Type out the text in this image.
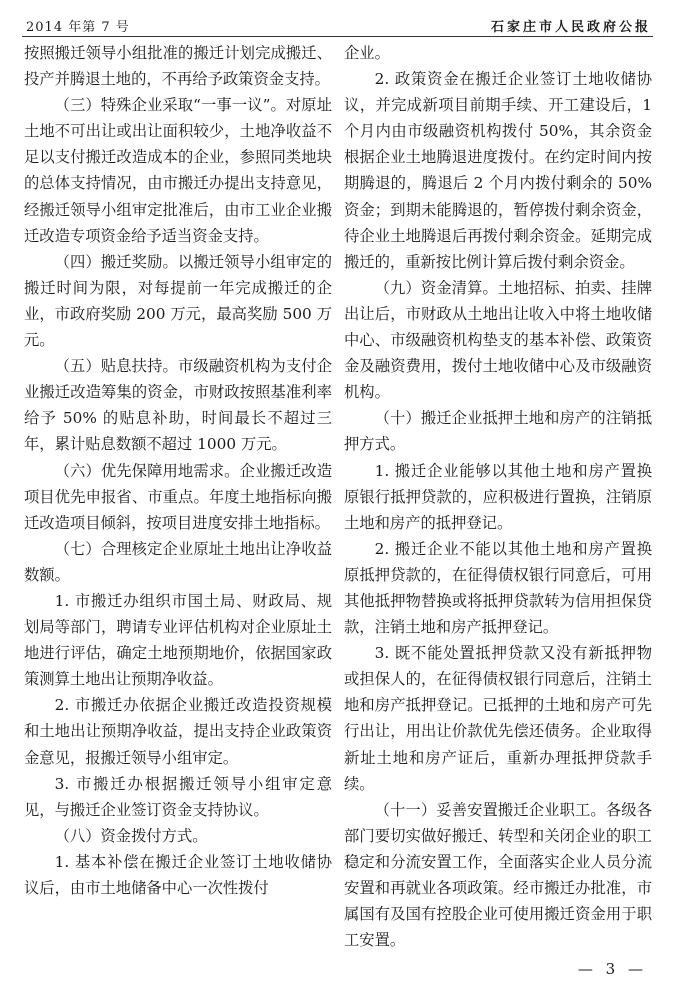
2014 年第 7 号	石家庄市人民政府公报

按照搬迁领导小组批准的搬迁计划完成搬迁、投产并腾退土地的，不再给予政策资金支持。

（三）特殊企业采取“一事一议”。对原址土地不可出让或出让面积较少，土地净收益不足以支付搬迁改造成本的企业，参照同类地块的总体支持情况，由市搬迁办提出支持意见，经搬迁领导小组审定批准后，由市工业企业搬迁改造专项资金给予适当资金支持。

（四）搬迁奖励。以搬迁领导小组审定的搬迁时间为限，对每提前一年完成搬迁的企业，市政府奖励 200 万元，最高奖励 500 万元。

（五）贴息扶持。市级融资机构为支付企业搬迁改造筹集的资金，市财政按照基准利率给予 50% 的贴息补助，时间最长不超过三年，累计贴息数额不超过 1000 万元。

（六）优先保障用地需求。企业搬迁改造项目优先申报省、市重点。年度土地指标向搬迁改造项目倾斜，按项目进度安排土地指标。

（七）合理核定企业原址土地出让净收益数额。

1. 市搬迁办组织市国土局、财政局、规划局等部门，聘请专业评估机构对企业原址土地进行评估，确定土地预期地价，依据国家政策测算土地出让预期净收益。

2. 市搬迁办依据企业搬迁改造投资规模和土地出让预期净收益，提出支持企业政策资金意见，报搬迁领导小组审定。

3. 市搬迁办根据搬迁领导小组审定意见，与搬迁企业签订资金支持协议。

（八）资金拨付方式。

1. 基本补偿在搬迁企业签订土地收储协议后，由市土地储备中心一次性拨付

企业。

2. 政策资金在搬迁企业签订土地收储协议，并完成新项目前期手续、开工建设后，1 个月内由市级融资机构拨付 50%，其余资金根据企业土地腾退进度拨付。在约定时间内按期腾退的，腾退后 2 个月内拨付剩余的 50% 资金；到期未能腾退的，暂停拨付剩余资金，待企业土地腾退后再拨付剩余资金。延期完成搬迁的，重新按比例计算后拨付剩余资金。

（九）资金清算。土地招标、拍卖、挂牌出让后，市财政从土地出让收入中将土地收储中心、市级融资机构垫支的基本补偿、政策资金及融资费用，拨付土地收储中心及市级融资机构。

（十）搬迁企业抵押土地和房产的注销抵押方式。

1. 搬迁企业能够以其他土地和房产置换原银行抵押贷款的，应积极进行置换，注销原土地和房产的抵押登记。

2. 搬迁企业不能以其他土地和房产置换原抵押贷款的，在征得债权银行同意后，可用其他抵押物替换或将抵押贷款转为信用担保贷款，注销土地和房产抵押登记。

3. 既不能处置抵押贷款又没有新抵押物或担保人的，在征得债权银行同意后，注销土地和房产抵押登记。已抵押的土地和房产可先行出让，用出让价款优先偿还债务。企业取得新址土地和房产证后，重新办理抵押贷款手续。

（十一）妥善安置搬迁企业职工。各级各部门要切实做好搬迁、转型和关闭企业的职工稳定和分流安置工作，全面落实企业人员分流安置和再就业各项政策。经市搬迁办批准，市属国有及国有控股企业可使用搬迁资金用于职工安置。

— 3 —
